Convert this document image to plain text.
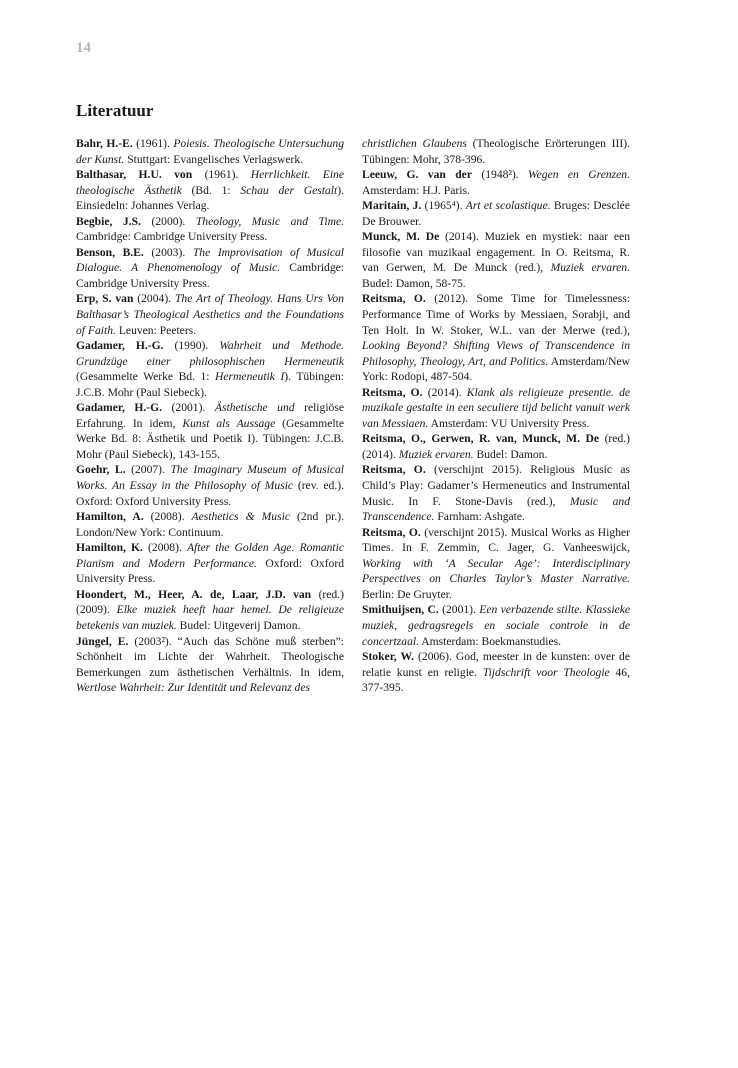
14
Literatuur

Bahr, H.-E. (1961). Poiesis. Theologische Untersuchung der Kunst. Stuttgart: Evangelisches Verlagswerk.

Balthasar, H.U. von (1961). Herrlichkeit. Eine theologische Ästhetik (Bd. 1: Schau der Gestalt). Einsiedeln: Johannes Verlag.

Begbie, J.S. (2000). Theology, Music and Time. Cambridge: Cambridge University Press.

Benson, B.E. (2003). The Improvisation of Musical Dialogue. A Phenomenology of Music. Cambridge: Cambridge University Press.

Erp, S. van (2004). The Art of Theology. Hans Urs Von Balthasar’s Theological Aesthetics and the Foundations of Faith. Leuven: Peeters.

Gadamer, H.-G. (1990). Wahrheit und Methode. Grundzüge einer philosophischen Hermeneutik (Gesammelte Werke Bd. 1: Hermeneutik I). Tübingen: J.C.B. Mohr (Paul Siebeck).

Gadamer, H.-G. (2001). Ästhetische und religiöse Erfahrung. In idem, Kunst als Aussage (Gesammelte Werke Bd. 8: Ästhetik und Poetik I). Tübingen: J.C.B. Mohr (Paul Siebeck), 143-155.

Goehr, L. (2007). The Imaginary Museum of Musical Works. An Essay in the Philosophy of Music (rev. ed.). Oxford: Oxford University Press.

Hamilton, A. (2008). Aesthetics & Music (2nd pr.). London/New York: Continuum.

Hamilton, K. (2008). After the Golden Age. Romantic Pianism and Modern Performance. Oxford: Oxford University Press.

Hoondert, M., Heer, A. de, Laar, J.D. van (red.) (2009). Elke muziek heeft haar hemel. De religieuze betekenis van muziek. Budel: Uitgeverij Damon.

Jüngel, E. (2003²). “Auch das Schöne muß sterben”: Schönheit im Lichte der Wahrheit. Theologische Bemerkungen zum ästhetischen Verhältnis. In idem, Wertlose Wahrheit: Zur Identität und Relevanz des

christlichen Glaubens (Theologische Erörterungen III). Tübingen: Mohr, 378-396.

Leeuw, G. van der (1948²). Wegen en Grenzen. Amsterdam: H.J. Paris.

Maritain, J. (1965⁴). Art et scolastique. Bruges: Desclée De Brouwer.

Munck, M. De (2014). Muziek en mystiek: naar een filosofie van muzikaal engagement. In O. Reitsma, R. van Gerwen, M. De Munck (red.), Muziek ervaren. Budel: Damon, 58-75.

Reitsma, O. (2012). Some Time for Timelessness: Performance Time of Works by Messiaen, Sorabji, and Ten Holt. In W. Stoker, W.L. van der Merwe (red.), Looking Beyond? Shifting Views of Transcendence in Philosophy, Theology, Art, and Politics. Amsterdam/New York: Rodopi, 487-504.

Reitsma, O. (2014). Klank als religieuze presentie. de muzikale gestalte in een seculiere tijd belicht vanuit werk van Messiaen. Amsterdam: VU University Press.

Reitsma, O., Gerwen, R. van, Munck, M. De (red.) (2014). Muziek ervaren. Budel: Damon.

Reitsma, O. (verschijnt 2015). Religious Music as Child’s Play: Gadamer’s Hermeneutics and Instrumental Music. In F. Stone-Davis (red.), Music and Transcendence. Farnham: Ashgate.

Reitsma, O. (verschijnt 2015). Musical Works as Higher Times. In F. Zemmin, C. Jager, G. Vanheeswijck, Working with ‘A Secular Age’: Interdisciplinary Perspectives on Charles Taylor’s Master Narrative. Berlin: De Gruyter.

Smithuijsen, C. (2001). Een verbazende stilte. Klassieke muziek, gedragsregels en sociale controle in de concertzaal. Amsterdam: Boekmanstudies.

Stoker, W. (2006). God, meester in de kunsten: over de relatie kunst en religie. Tijdschrift voor Theologie 46, 377-395.
